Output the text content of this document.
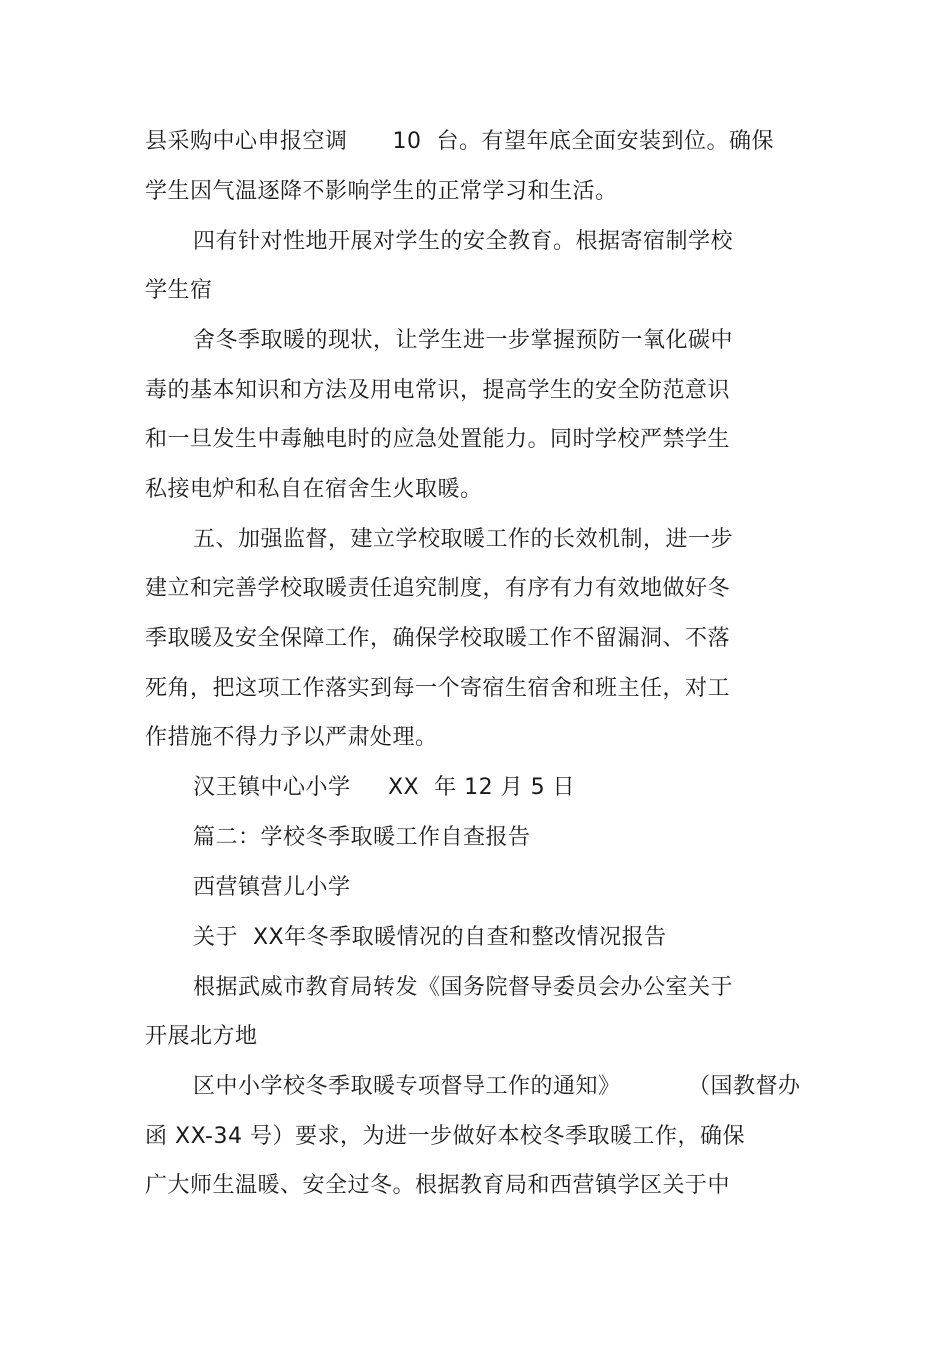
县采购中心申报空调      10  台。有望年底全面安装到位。确保
学生因气温逐降不影响学生的正常学习和生活。
四有针对性地开展对学生的安全教育。根据寄宿制学校
学生宿
舍冬季取暖的现状，让学生进一步掌握预防一氧化碳中
毒的基本知识和方法及用电常识，提高学生的安全防范意识
和一旦发生中毒触电时的应急处置能力。同时学校严禁学生
私接电炉和私自在宿舍生火取暖。
五、加强监督，建立学校取暖工作的长效机制，进一步
建立和完善学校取暖责任追究制度，有序有力有效地做好冬
季取暖及安全保障工作，确保学校取暖工作不留漏洞、不落
死角，把这项工作落实到每一个寄宿生宿舍和班主任，对工
作措施不得力予以严肃处理。
汉王镇中心小学     XX  年 12 月 5 日
篇二：学校冬季取暖工作自查报告
西营镇营儿小学
关于  XX年冬季取暖情况的自查和整改情况报告
根据武威市教育局转发《国务院督导委员会办公室关于
开展北方地
区中小学校冬季取暖专项督导工作的通知》         （国教督办
函 XX-34 号）要求，为进一步做好本校冬季取暖工作，确保
广大师生温暖、安全过冬。根据教育局和西营镇学区关于中
